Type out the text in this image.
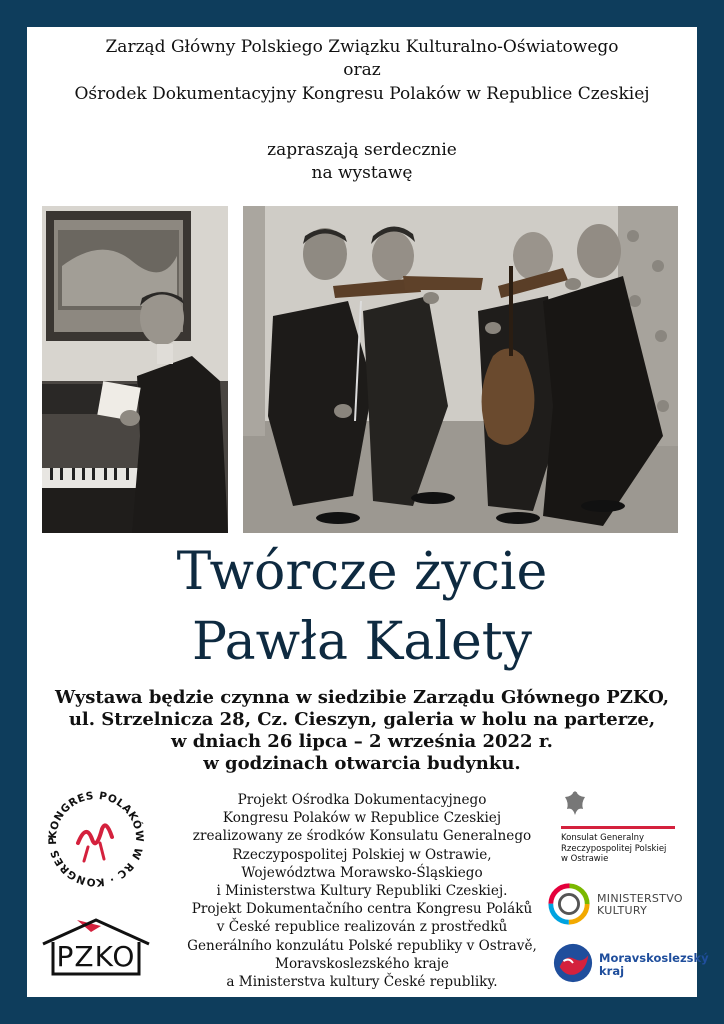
Zarząd Główny Polskiego Związku Kulturalno-Oświatowego
oraz
Ośrodek Dokumentacyjny Kongresu Polaków w Republice Czeskiej
zapraszają serdecznie
na wystawę
Twórcze życie
Pawła Kalety
Wystawa będzie czynna w siedzibie Zarządu Głównego PZKO,
ul. Strzelnicza 28, Cz. Cieszyn, galeria w holu na parterze,
w dniach 26 lipca – 2 września 2022 r.
w godzinach otwarcia budynku.
Projekt Ośrodka Dokumentacyjnego
Kongresu Polaków w Republice Czeskiej
zrealizowany ze środków Konsulatu Generalnego
Rzeczypospolitej Polskiej w Ostrawie,
Województwa Morawsko-Śląskiego
i Ministerstwa Kultury Republiki Czeskiej.
Projekt Dokumentačního centra Kongresu Poláků
v České republice realizován z prostředků
Generálního konzulátu Polské republiky v Ostravě,
Moravskoslezského kraje
a Ministerstva kultury České republiky.
KONGRES POLAKÓW W RC · KONGRES P
PZKO
Konsulat Generalny
Rzeczypospolitej Polskiej
w Ostrawie
MINISTERSTVO
KULTURY
Moravskoslezský
kraj
